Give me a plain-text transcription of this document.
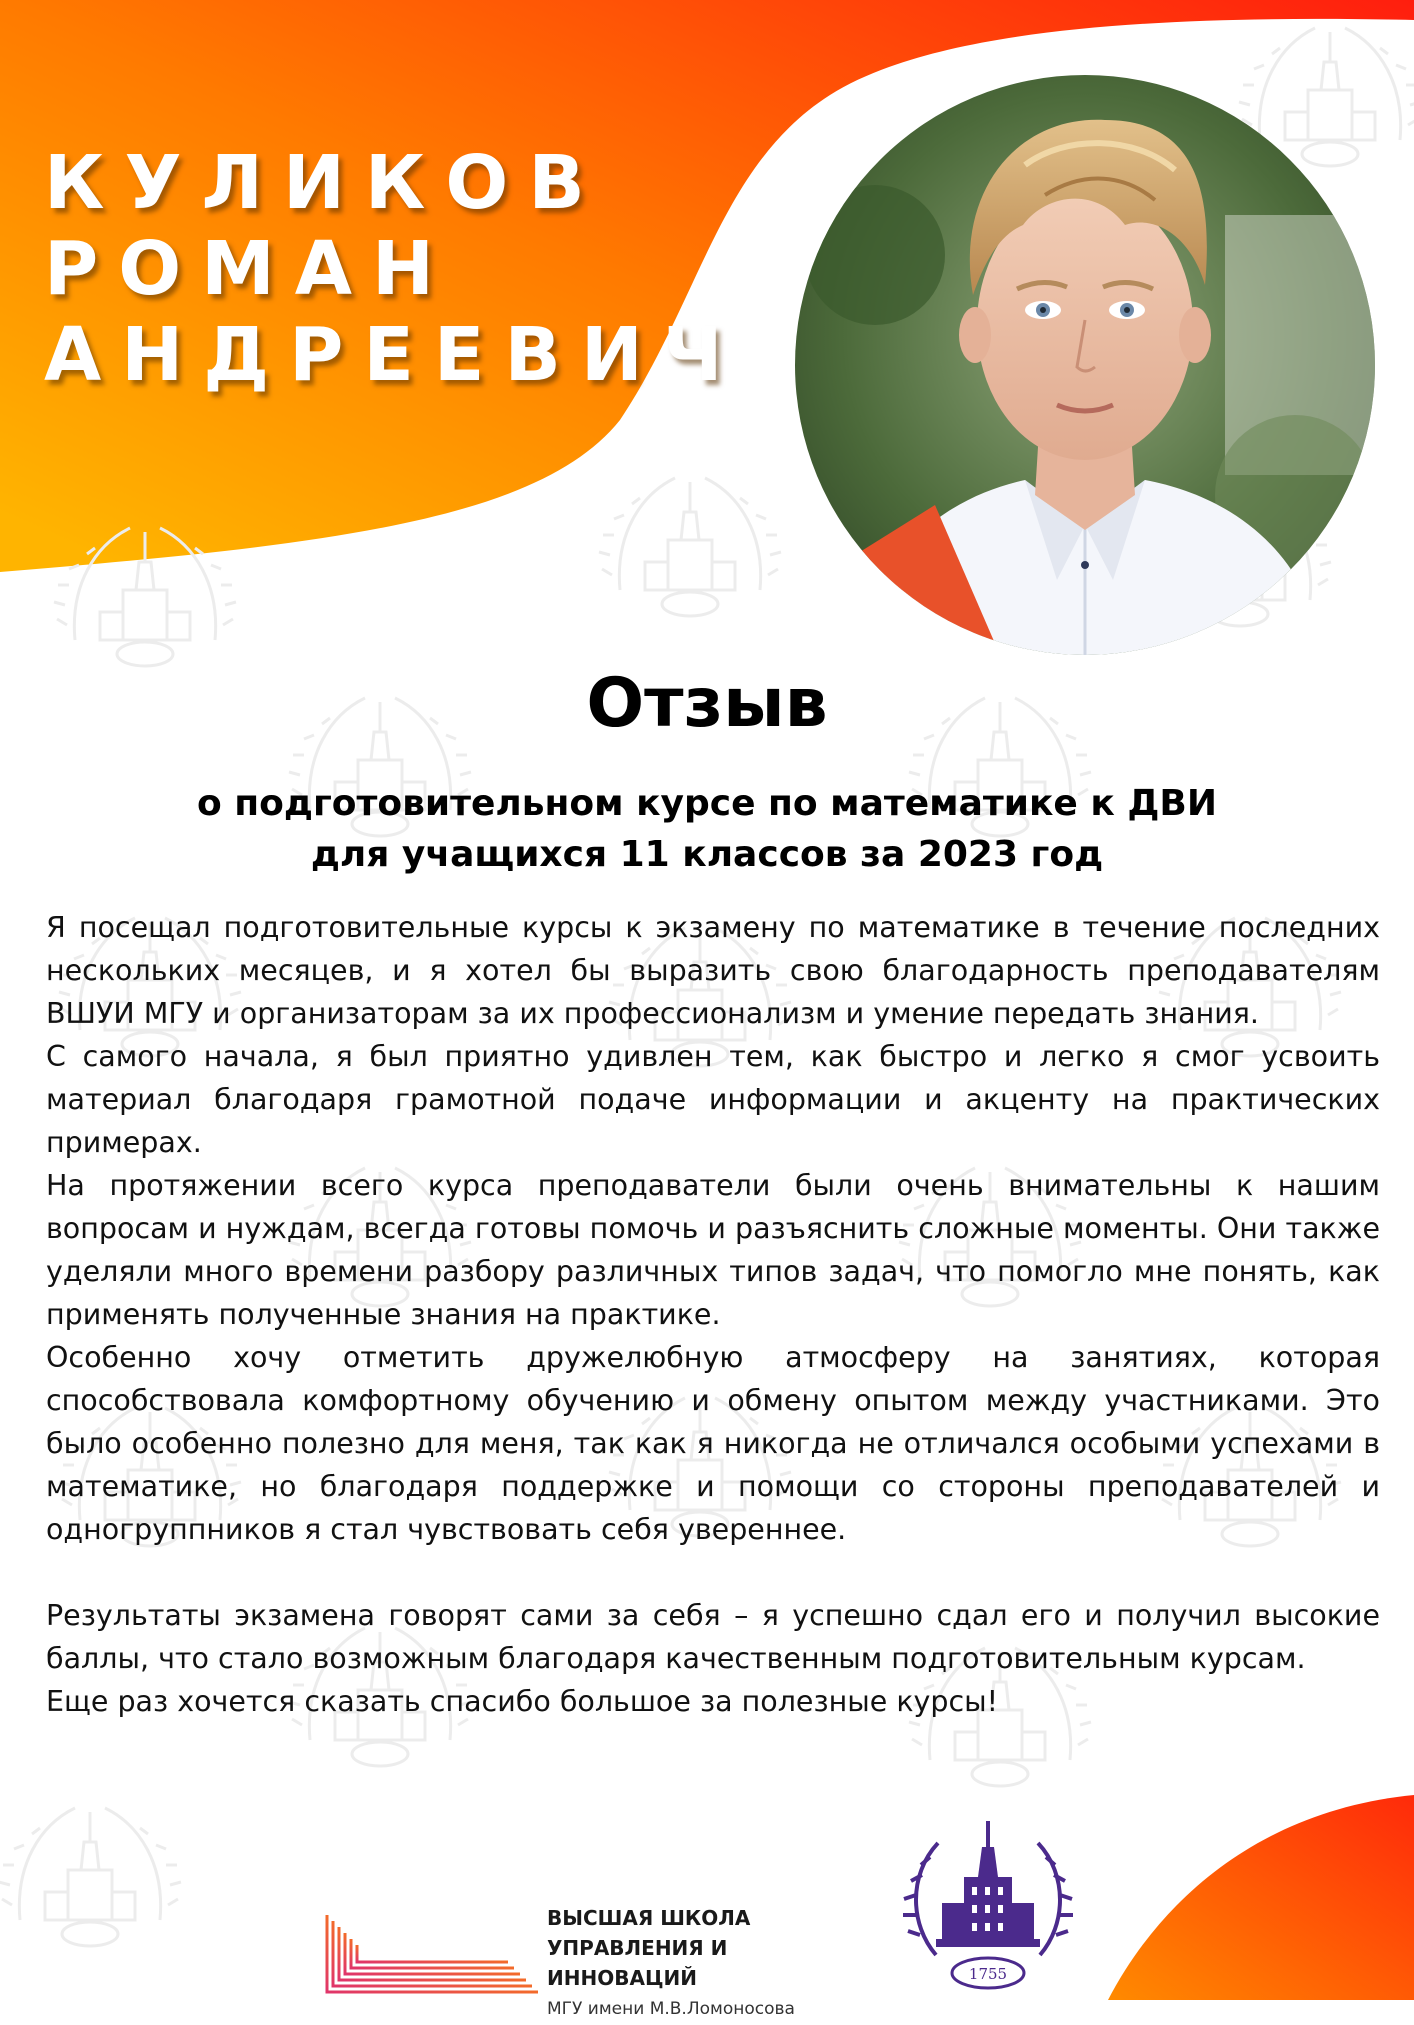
КУЛИКОВ
РОМАН
АНДРЕЕВИЧ
Отзыв
о подготовительном курсе по математике к ДВИ
для учащихся 11 классов за 2023 год

Я посещал подготовительные курсы к экзамену по математике в течение последних нескольких месяцев, и я хотел бы выразить свою благодарность преподавателям ВШУИ МГУ и организаторам за их профессионализм и умение передать знания.

С самого начала, я был приятно удивлен тем, как быстро и легко я смог усвоить материал благодаря грамотной подаче информации и акценту на практических примерах.

На протяжении всего курса преподаватели были очень внимательны к нашим вопросам и нуждам, всегда готовы помочь и разъяснить сложные моменты. Они также уделяли много времени разбору различных типов задач, что помогло мне понять, как применять полученные знания на практике.

Особенно хочу отметить дружелюбную атмосферу на занятиях, которая способствовала комфортному обучению и обмену опытом между участниками. Это было особенно полезно для меня, так как я никогда не отличался особыми успехами в математике, но благодаря поддержке и помощи со стороны преподавателей и одногруппников я стал чувствовать себя увереннее.

Результаты экзамена говорят сами за себя – я успешно сдал его и получил высокие баллы, что стало возможным благодаря качественным подготовительным курсам.

Еще раз хочется сказать спасибо большое за полезные курсы!

ВЫСШАЯ ШКОЛА
УПРАВЛЕНИЯ И ИННОВАЦИЙ
МГУ имени М.В.Ломоносова
1755
